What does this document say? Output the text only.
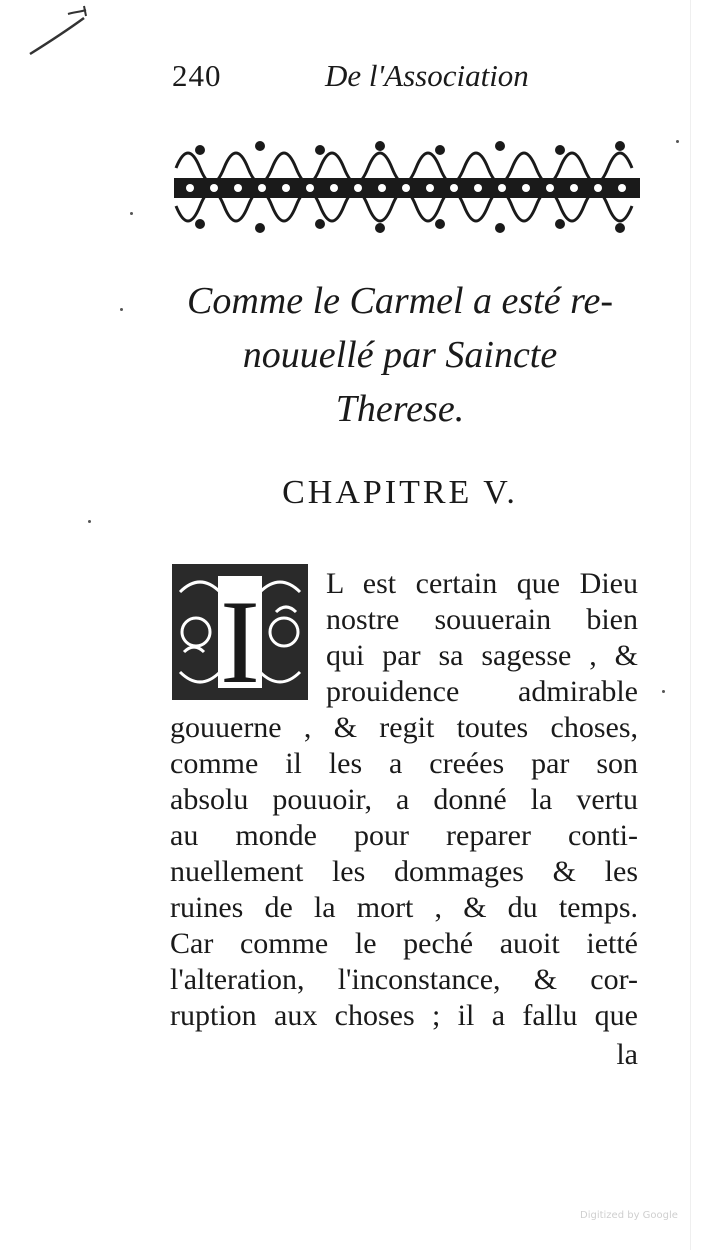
240	De l'Association
Comme le Carmel a esté re-
nouuellé par Saincte
Therese.
CHAPITRE V.
I L est certain que Dieu
nostre souuerain bien
qui par sa sagesse , &
prouidence admirable
gouuerne , & regit toutes choses,
comme il les a creées par son
absolu pouuoir, a donné la vertu
au monde pour reparer conti-
nuellement les dommages & les
ruines de la mort , & du temps.
Car comme le peché auoit ietté
l'alteration, l'inconstance, & cor-
ruption aux choses ; il a fallu que
la
Digitized by Google
